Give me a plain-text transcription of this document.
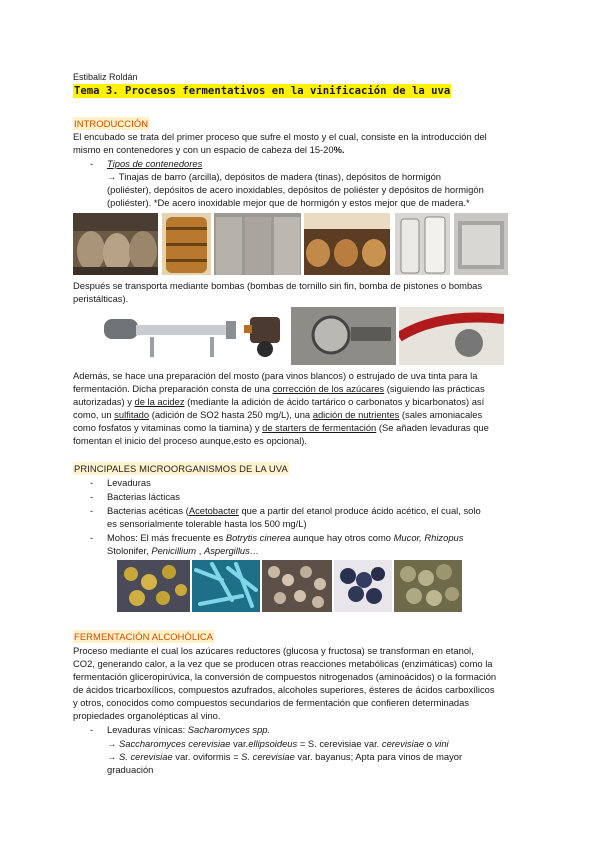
Estibaliz Roldán
Tema 3. Procesos fermentativos en la vinificación de la uva
INTRODUCCIÓN
El encubado se trata del primer proceso que sufre el mosto y el cual, consiste en la introducción del
mismo en contenedores y con un espacio de cabeza del 15-20%.
- Tipos de contenedores
→ Tinajas de barro (arcilla), depósitos de madera (tinas), depósitos de hormigón
(poliéster), depósitos de acero inoxidables, depósitos de poliéster y depósitos de hormigón
(poliéster). *De acero inoxidable mejor que de hormigón y estos mejor que de madera.*
Después se transporta mediante bombas (bombas de tornillo sin fin, bomba de pistones o bombas
peristálticas).
Además, se hace una preparación del mosto (para vinos blancos) o estrujado de uva tinta para la
fermentación. Dicha preparación consta de una corrección de los azúcares (siguiendo las prácticas
autorizadas) y de la acidez (mediante la adición de ácido tartárico o carbonatos y bicarbonatos) así
como, un sulfitado (adición de SO2 hasta 250 mg/L), una adición de nutrientes (sales amoniacales
como fosfatos y vitaminas como la tiamina) y de starters de fermentación (Se añaden levaduras que
fomentan el inicio del proceso aunque,esto es opcional).
PRINCIPALES MICROORGANISMOS DE LA UVA
- Levaduras
- Bacterias lácticas
- Bacterias acéticas (Acetobacter que a partir del etanol produce ácido acético, el cual, solo
es sensorialmente tolerable hasta los 500 mg/L)
- Mohos: El más frecuente es Botrytis cinerea aunque hay otros como Mucor, Rhizopus
Stolonifer, Penicillium , Aspergillus…
FERMENTACIÓN ALCOHÓLICA
Proceso mediante el cual los azúcares reductores (glucosa y fructosa) se transforman en etanol,
CO2, generando calor, a la vez que se producen otras reacciones metabólicas (enzimáticas) como la
fermentación gliceropirúvica, la conversión de compuestos nitrogenados (aminoácidos) o la formación
de ácidos tricarboxílicos, compuestos azufrados, alcoholes superiores, ésteres de ácidos carboxílicos
y otros, conocidos como compuestos secundarios de fermentación que confieren determinadas
propiedades organolépticas al vino.
- Levaduras vínicas: Sacharomyces spp.
→ Saccharomyces cerevisiae var.ellipsoideus = S. cerevisiae var. cerevisiae o vini
→ S. cerevisiae var. oviformis = S. cerevisiae var. bayanus; Apta para vinos de mayor
graduación
